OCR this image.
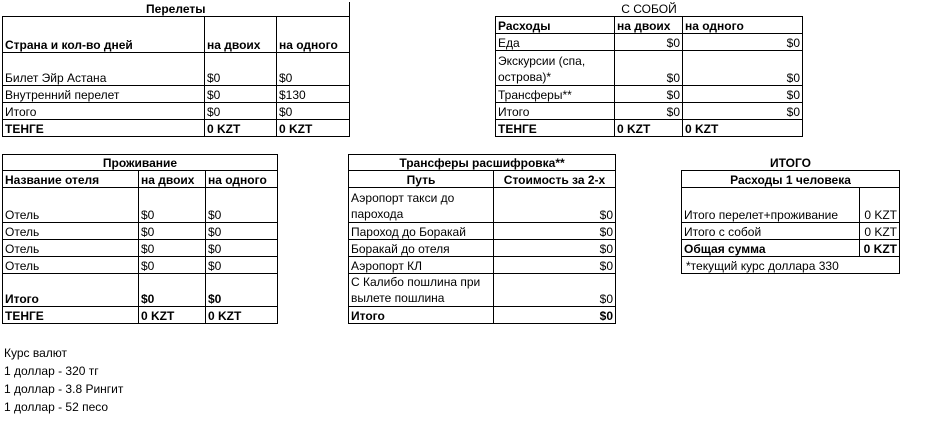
Перелеты		
Страна и кол-во дней	на двоих	на одного
Билет Эйр Астана	$0	$0
Внутренний перелет	$0	$130
Итого	$0	$0
ТЕНГЕ	0 KZT	0 KZT
С СОБОЙ			
Расходы	на двоих	на одного	
Еда	$0	$0	
Экскурсии (спа, острова)*	$0	$0	
Трансферы**	$0	$0	
Итого	$0	$0	
ТЕНГЕ	0 KZT	0 KZT	
Проживание		
Название отеля	на двоих	на одного
Отель	$0	$0
Отель	$0	$0
Отель	$0	$0
Отель	$0	$0
Итого	$0	$0
ТЕНГЕ	0 KZT	0 KZT
Трансферы расшифровка**	
Путь	Стоимость за 2-х
Аэропорт такси до парохода	$0
Пароход до Боракай	$0
Боракай до отеля	$0
Аэропорт КЛ	$0
С Калибо пошлина при вылете пошлина	$0
Итого	$0
ИТОГО	
Расходы 1 человека	
Итого перелет+проживание	0 KZT
Итого с собой	0 KZT
Общая сумма	0 KZT
*текущий курс доллара 330	
Курс валют
1 доллар - 320 тг
1 доллар - 3.8 Рингит
1 доллар - 52 песо
